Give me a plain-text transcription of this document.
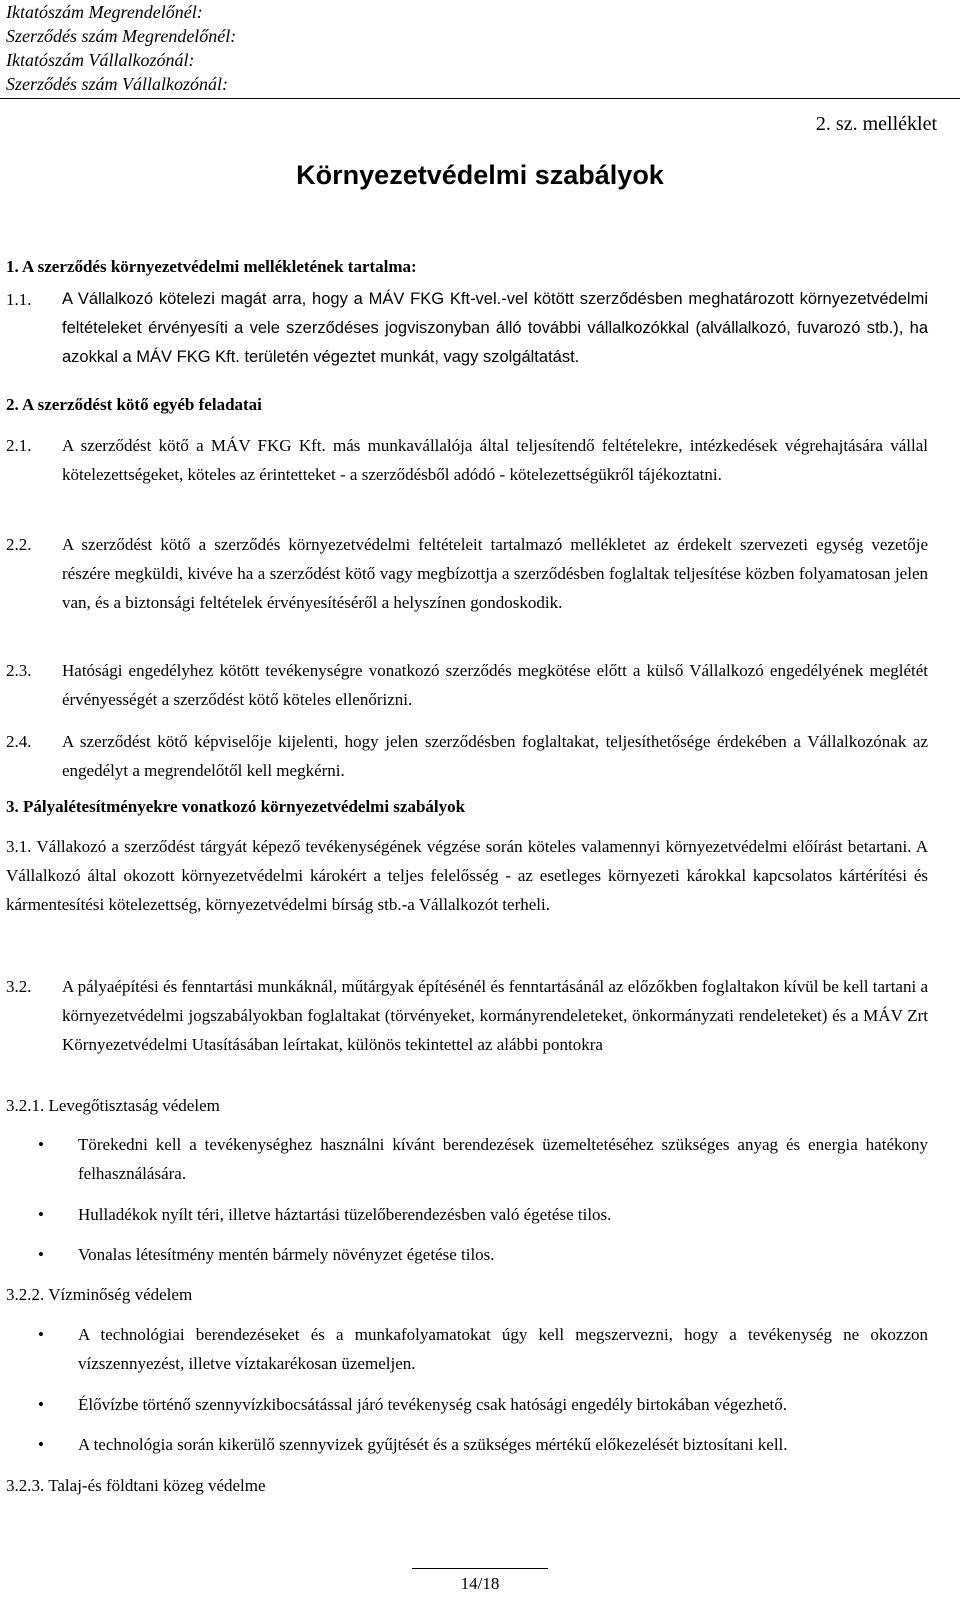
Iktatószám Megrendelőnél:
Szerződés szám Megrendelőnél:
Iktatószám Vállalkozónál:
Szerződés szám Vállalkozónál:
2. sz. melléklet
Környezetvédelmi szabályok
1. A szerződés környezetvédelmi mellékletének tartalma:
1.1. A Vállalkozó kötelezi magát arra, hogy a MÁV FKG Kft-vel.-vel kötött szerződésben meghatározott környezetvédelmi feltételeket érvényesíti a vele szerződéses jogviszonyban álló további vállalkozókkal (alvállalkozó, fuvarozó stb.), ha azokkal a MÁV FKG Kft. területén végeztet munkát, vagy szolgáltatást.
2. A szerződést kötő egyéb feladatai
2.1. A szerződést kötő a MÁV FKG Kft. más munkavállalója által teljesítendő feltételekre, intézkedések végrehajtására vállal kötelezettségeket, köteles az érintetteket - a szerződésből adódó - kötelezettségükről tájékoztatni.
2.2. A szerződést kötő a szerződés környezetvédelmi feltételeit tartalmazó mellékletet az érdekelt szervezeti egység vezetője részére megküldi, kivéve ha a szerződést kötő vagy megbízottja a szerződésben foglaltak teljesítése közben folyamatosan jelen van, és a biztonsági feltételek érvényesítéséről a helyszínen gondoskodik.
2.3. Hatósági engedélyhez kötött tevékenységre vonatkozó szerződés megkötése előtt a külső Vállalkozó engedélyének meglétét érvényességét a szerződést kötő köteles ellenőrizni.
2.4. A szerződést kötő képviselője kijelenti, hogy jelen szerződésben foglaltakat, teljesíthetősége érdekében a Vállalkozónak az engedélyt a megrendelőtől kell megkérni.
3. Pályalétesítményekre vonatkozó környezetvédelmi szabályok
3.1. Vállakozó a szerződést tárgyát képező tevékenységének végzése során köteles valamennyi környezetvédelmi előírást betartani. A Vállalkozó által okozott környezetvédelmi károkért a teljes felelősség - az esetleges környezeti károkkal kapcsolatos kártérítési és kármentesítési kötelezettség, környezetvédelmi bírság stb.-a Vállalkozót terheli.
3.2. A pályaépítési és fenntartási munkáknál, műtárgyak építésénél és fenntartásánál az előzőkben foglaltakon kívül be kell tartani a környezetvédelmi jogszabályokban foglaltakat (törvényeket, kormányrendeleteket, önkormányzati rendeleteket) és a MÁV Zrt Környezetvédelmi Utasításában leírtakat, különös tekintettel az alábbi pontokra
3.2.1. Levegőtisztaság védelem
• Törekedni kell a tevékenységhez használni kívánt berendezések üzemeltetéséhez szükséges anyag és energia hatékony felhasználására.
• Hulladékok nyílt téri, illetve háztartási tüzelőberendezésben való égetése tilos.
• Vonalas létesítmény mentén bármely növényzet égetése tilos.
3.2.2. Vízminőség védelem
• A technológiai berendezéseket és a munkafolyamatokat úgy kell megszervezni, hogy a tevékenység ne okozzon vízszennyezést, illetve víztakarékosan üzemeljen.
• Élővízbe történő szennyvízkibocsátással járó tevékenység csak hatósági engedély birtokában végezhető.
• A technológia során kikerülő szennyvizek gyűjtését és a szükséges mértékű előkezelését biztosítani kell.
3.2.3. Talaj-és földtani közeg védelme
14/18
